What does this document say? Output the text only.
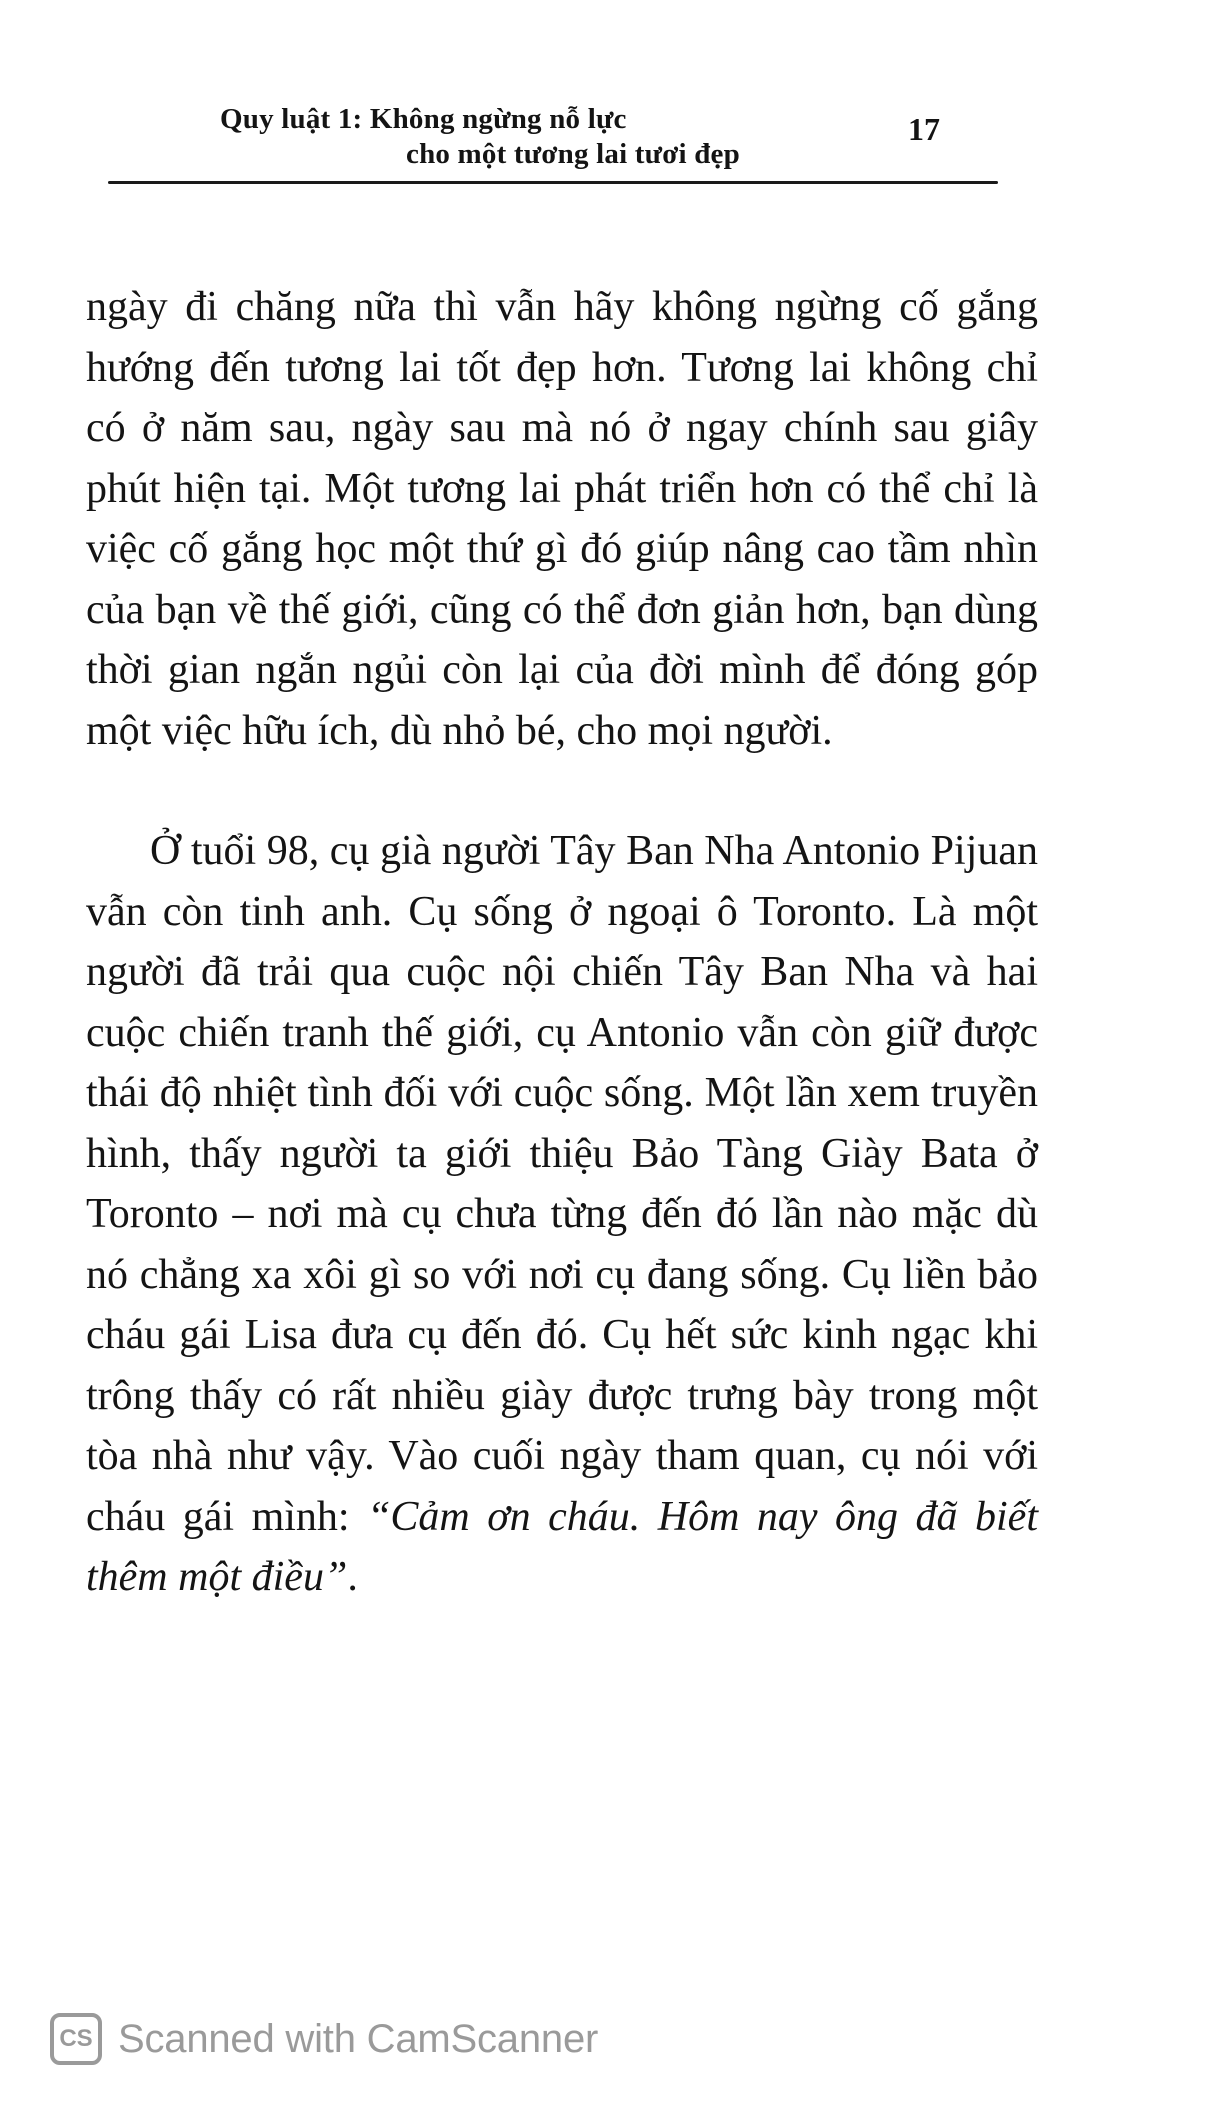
Quy luật 1: Không ngừng nỗ lực
cho một tương lai tươi đẹp
17

ngày đi chăng nữa thì vẫn hãy không ngừng cố gắng hướng đến tương lai tốt đẹp hơn. Tương lai không chỉ có ở năm sau, ngày sau mà nó ở ngay chính sau giây phút hiện tại. Một tương lai phát triển hơn có thể chỉ là việc cố gắng học một thứ gì đó giúp nâng cao tầm nhìn của bạn về thế giới, cũng có thể đơn giản hơn, bạn dùng thời gian ngắn ngủi còn lại của đời mình để đóng góp một việc hữu ích, dù nhỏ bé, cho mọi người.

Ở tuổi 98, cụ già người Tây Ban Nha Antonio Pijuan vẫn còn tinh anh. Cụ sống ở ngoại ô Toronto. Là một người đã trải qua cuộc nội chiến Tây Ban Nha và hai cuộc chiến tranh thế giới, cụ Antonio vẫn còn giữ được thái độ nhiệt tình đối với cuộc sống. Một lần xem truyền hình, thấy người ta giới thiệu Bảo Tàng Giày Bata ở Toronto – nơi mà cụ chưa từng đến đó lần nào mặc dù nó chẳng xa xôi gì so với nơi cụ đang sống. Cụ liền bảo cháu gái Lisa đưa cụ đến đó. Cụ hết sức kinh ngạc khi trông thấy có rất nhiều giày được trưng bày trong một tòa nhà như vậy. Vào cuối ngày tham quan, cụ nói với cháu gái mình: “Cảm ơn cháu. Hôm nay ông đã biết thêm một điều”.

CS Scanned with CamScanner
